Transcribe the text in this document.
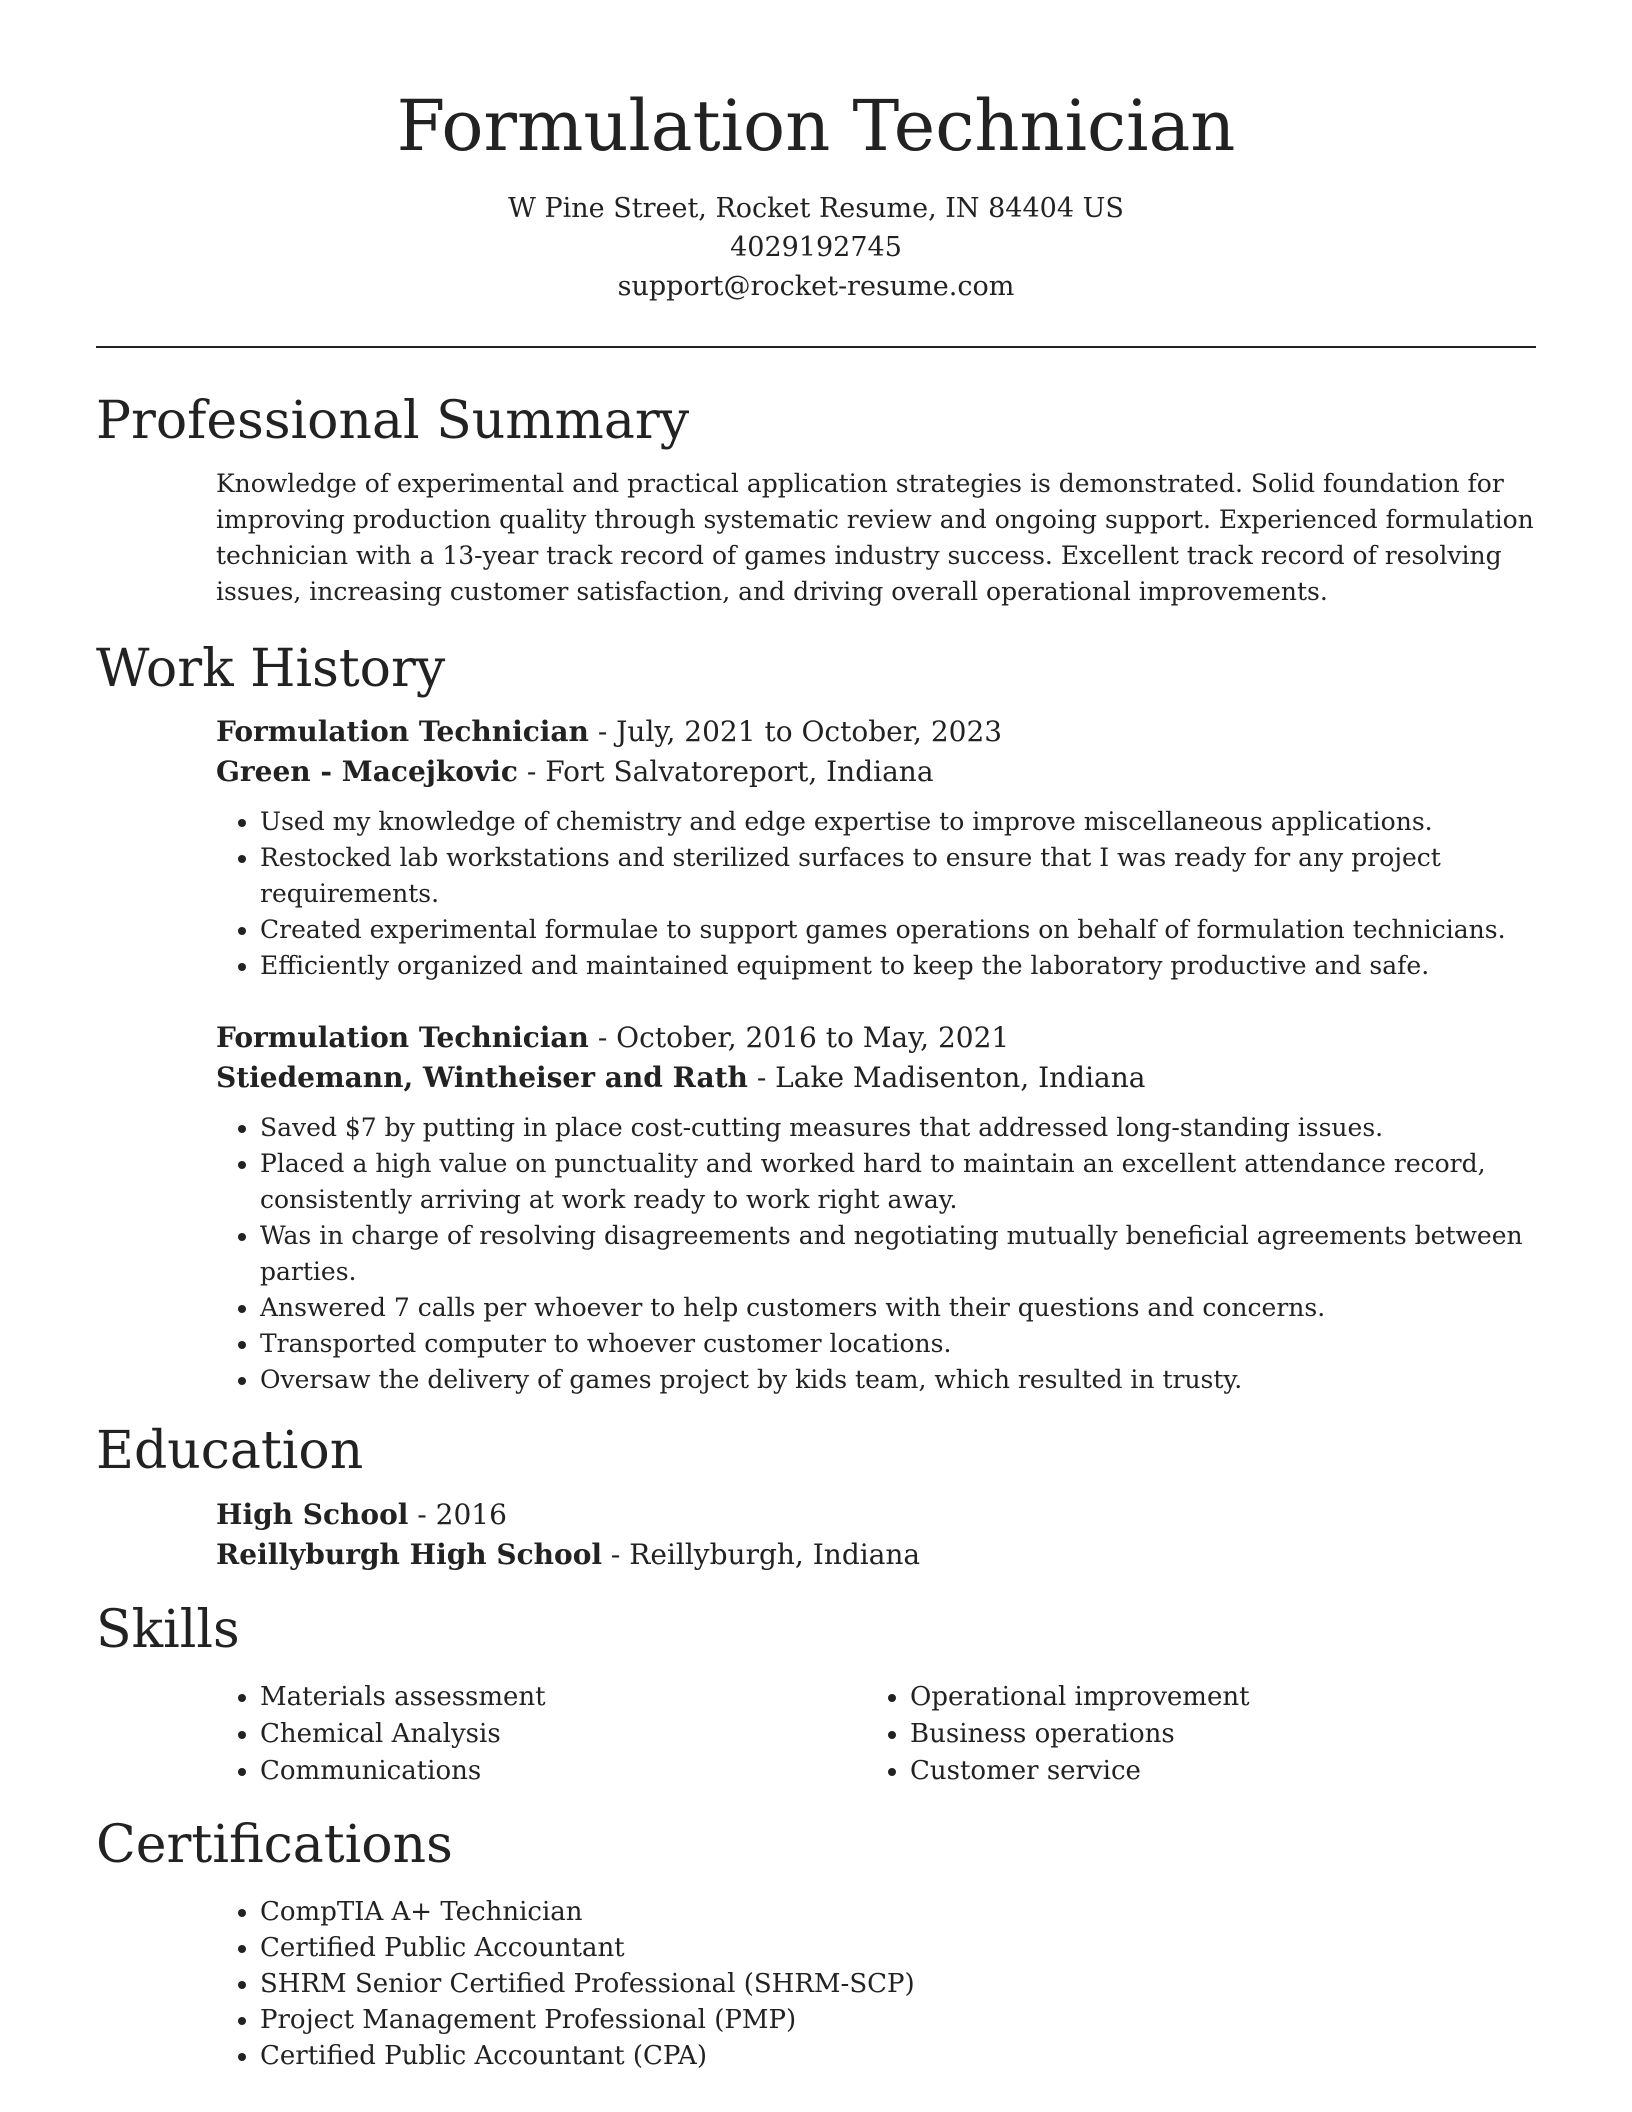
Formulation Technician
W Pine Street, Rocket Resume, IN 84404 US
4029192745
support@rocket-resume.com
Professional Summary

Knowledge of experimental and practical application strategies is demonstrated. Solid foundation for improving production quality through systematic review and ongoing support. Experienced formulation technician with a 13-year track record of games industry success. Excellent track record of resolving issues, increasing customer satisfaction, and driving overall operational improvements.

Work History
Formulation Technician - July, 2021 to October, 2023
Green - Macejkovic - Fort Salvatoreport, Indiana
• Used my knowledge of chemistry and edge expertise to improve miscellaneous applications.
• Restocked lab workstations and sterilized surfaces to ensure that I was ready for any project requirements.
• Created experimental formulae to support games operations on behalf of formulation technicians.
• Efficiently organized and maintained equipment to keep the laboratory productive and safe.
Formulation Technician - October, 2016 to May, 2021
Stiedemann, Wintheiser and Rath - Lake Madisenton, Indiana
• Saved $7 by putting in place cost-cutting measures that addressed long-standing issues.
• Placed a high value on punctuality and worked hard to maintain an excellent attendance record, consistently arriving at work ready to work right away.
• Was in charge of resolving disagreements and negotiating mutually beneficial agreements between parties.
• Answered 7 calls per whoever to help customers with their questions and concerns.
• Transported computer to whoever customer locations.
• Oversaw the delivery of games project by kids team, which resulted in trusty.
Education
High School - 2016
Reillyburgh High School - Reillyburgh, Indiana
Skills
• Materials assessment
• Chemical Analysis
• Communications
• Operational improvement
• Business operations
• Customer service
Certifications
• CompTIA A+ Technician
• Certified Public Accountant
• SHRM Senior Certified Professional (SHRM-SCP)
• Project Management Professional (PMP)
• Certified Public Accountant (CPA)
